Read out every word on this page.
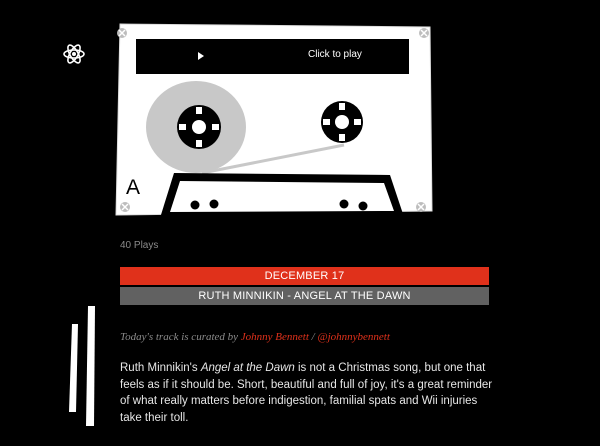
A
Click to play
40 Plays
DECEMBER 17
RUTH MINNIKIN - ANGEL AT THE DAWN
Today's track is curated by Johnny Bennett / @johnnybennett
Ruth Minnikin's Angel at the Dawn is not a Christmas song, but one that feels as if it should be. Short, beautiful and full of joy, it's a great reminder of what really matters before indigestion, familial spats and Wii injuries take their toll.
